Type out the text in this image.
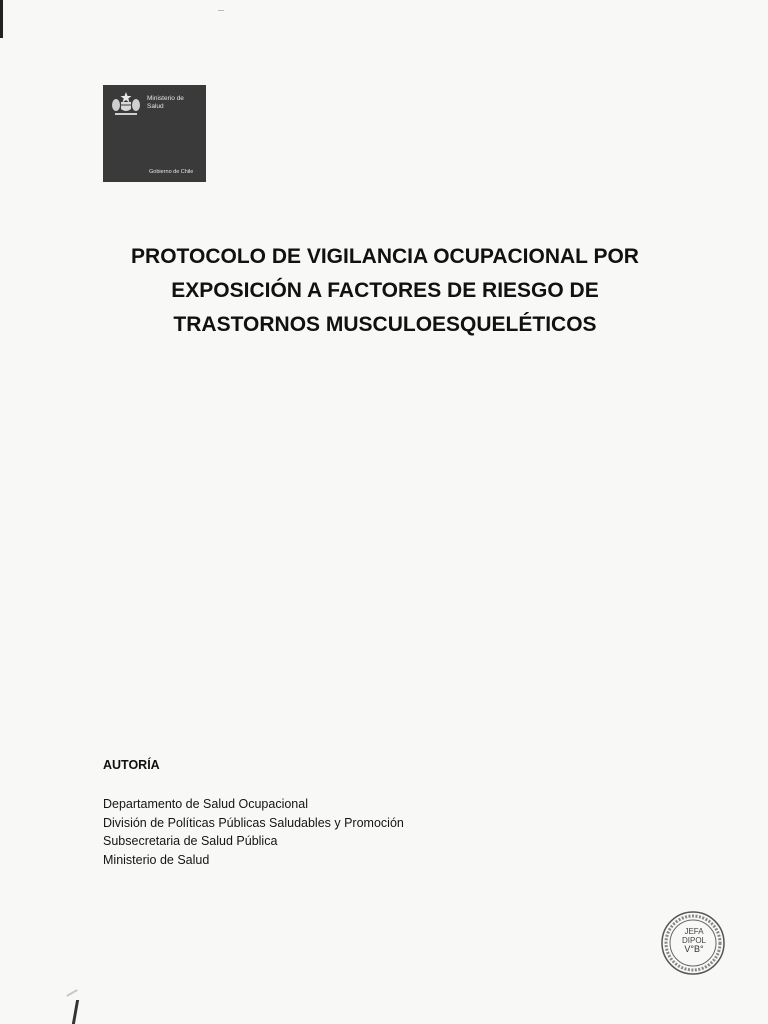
Ministerio de
Salud
Gobierno de Chile
PROTOCOLO DE VIGILANCIA OCUPACIONAL POR
EXPOSICIÓN A FACTORES DE RIESGO DE
TRASTORNOS MUSCULOESQUELÉTICOS
AUTORÍA
Departamento de Salud Ocupacional
División de Políticas Públicas Saludables y Promoción
Subsecretaria de Salud Pública
Ministerio de Salud
JEFA
DIPOL
V°B°
